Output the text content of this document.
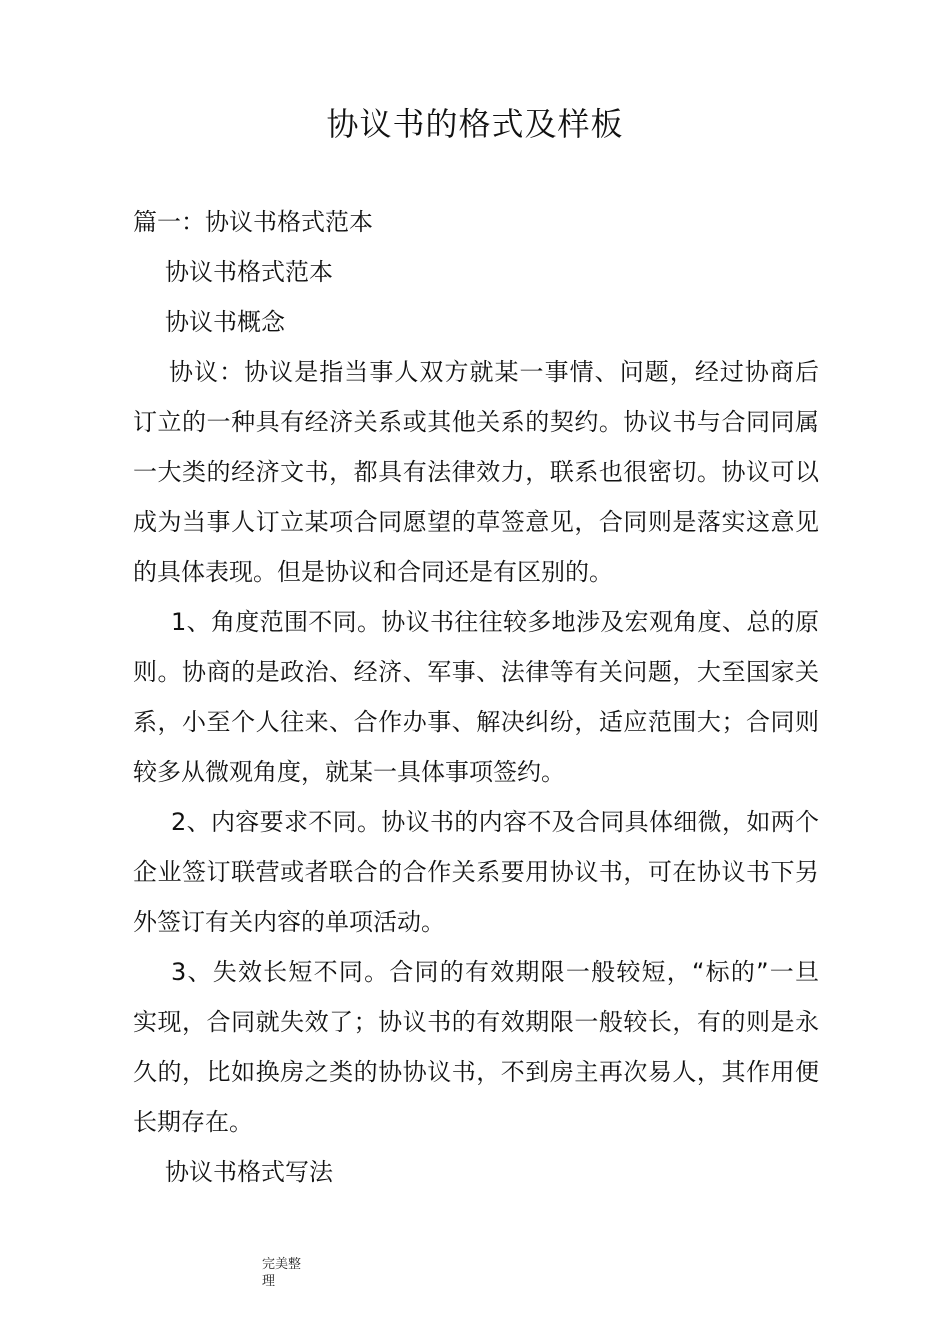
协议书的格式及样板

篇一：协议书格式范本

协议书格式范本

协议书概念

协议：协议是指当事人双方就某一事情、问题，经过协商后

订立的一种具有经济关系或其他关系的契约。协议书与合同同属

一大类的经济文书，都具有法律效力，联系也很密切。协议可以

成为当事人订立某项合同愿望的草签意见，合同则是落实这意见

的具体表现。但是协议和合同还是有区别的。

1、角度范围不同。协议书往往较多地涉及宏观角度、总的原

则。协商的是政治、经济、军事、法律等有关问题，大至国家关

系，小至个人往来、合作办事、解决纠纷，适应范围大；合同则

较多从微观角度，就某一具体事项签约。

2、内容要求不同。协议书的内容不及合同具体细微，如两个

企业签订联营或者联合的合作关系要用协议书，可在协议书下另

外签订有关内容的单项活动。

3、失效长短不同。合同的有效期限一般较短，“标的”一旦

实现，合同就失效了；协议书的有效期限一般较长，有的则是永

久的，比如换房之类的协协议书，不到房主再次易人，其作用便

长期存在。

协议书格式写法

完美整
理
